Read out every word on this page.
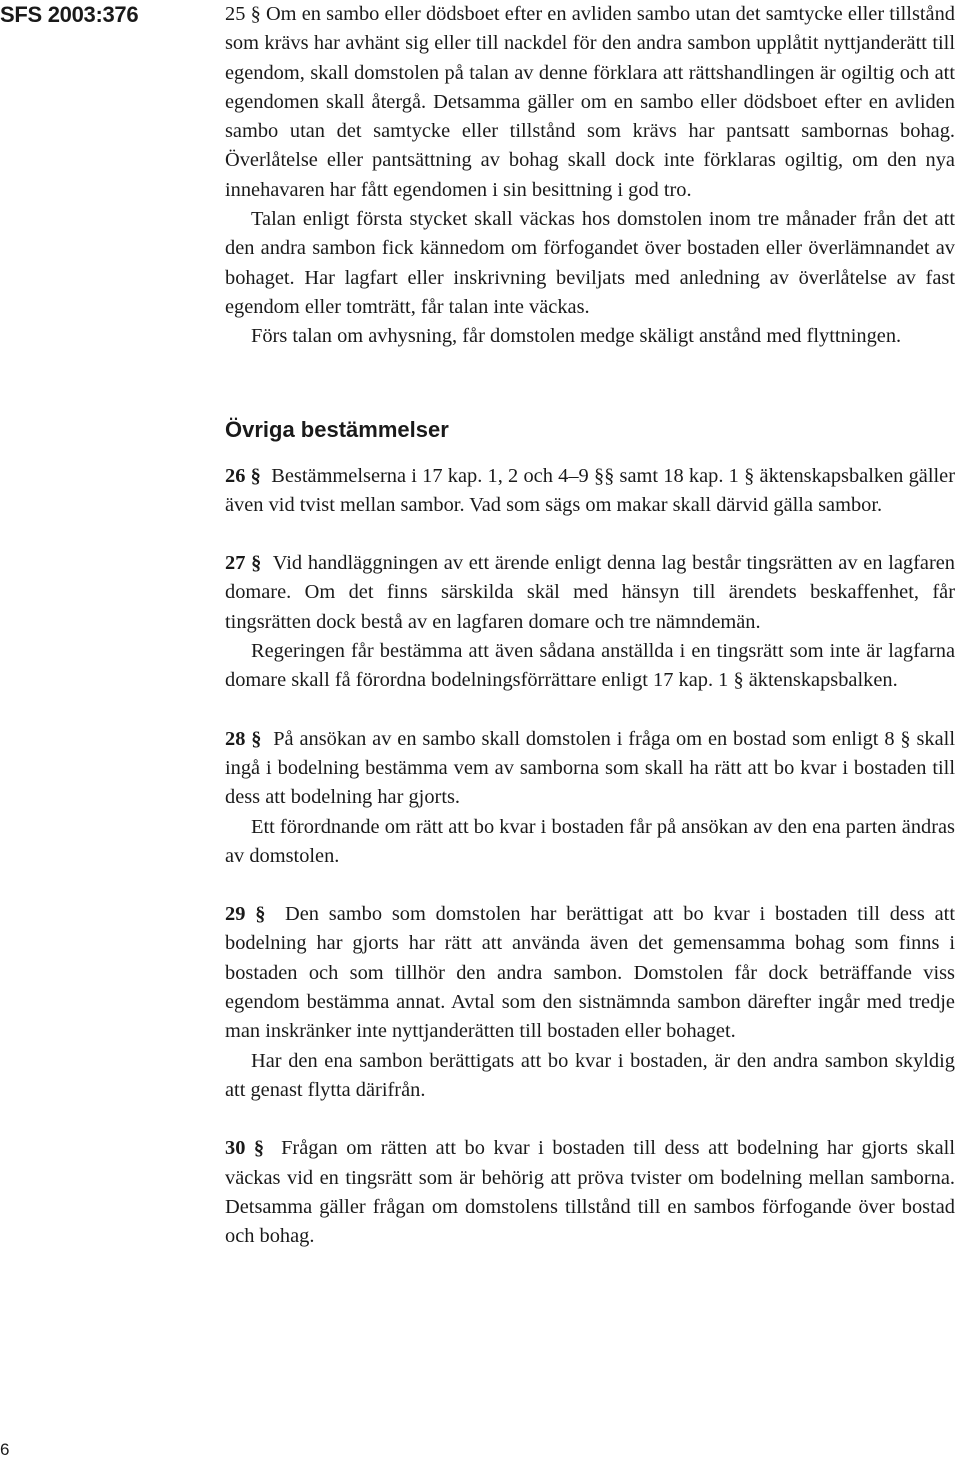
SFS 2003:376	25 § Om en sambo eller dödsboet efter en avliden sambo utan det samtycke eller tillstånd som krävs har avhänt sig eller till nackdel för den andra sambon upplåtit nyttjanderätt till egendom, skall domstolen på talan av denne förklara att rättshandlingen är ogiltig och att egendomen skall återgå. Detsamma gäller om en sambo eller dödsboet efter en avliden sambo utan det samtycke eller tillstånd som krävs har pantsatt sambornas bohag. Överlåtelse eller pantsättning av bohag skall dock inte förklaras ogiltig, om den nya innehavaren har fått egendomen i sin besittning i god tro.

Talan enligt första stycket skall väckas hos domstolen inom tre månader från det att den andra sambon fick kännedom om förfogandet över bostaden eller överlämnandet av bohaget. Har lagfart eller inskrivning beviljats med anledning av överlåtelse av fast egendom eller tomträtt, får talan inte väckas.

Förs talan om avhysning, får domstolen medge skäligt anstånd med flyttningen.

Övriga bestämmelser

26 § Bestämmelserna i 17 kap. 1, 2 och 4–9 §§ samt 18 kap. 1 § äktenskapsbalken gäller även vid tvist mellan sambor. Vad som sägs om makar skall därvid gälla sambor.

27 § Vid handläggningen av ett ärende enligt denna lag består tingsrätten av en lagfaren domare. Om det finns särskilda skäl med hänsyn till ärendets beskaffenhet, får tingsrätten dock bestå av en lagfaren domare och tre nämndemän.

Regeringen får bestämma att även sådana anställda i en tingsrätt som inte är lagfarna domare skall få förordna bodelningsförrättare enligt 17 kap. 1 § äktenskapsbalken.

28 § På ansökan av en sambo skall domstolen i fråga om en bostad som enligt 8 § skall ingå i bodelning bestämma vem av samborna som skall ha rätt att bo kvar i bostaden till dess att bodelning har gjorts.

Ett förordnande om rätt att bo kvar i bostaden får på ansökan av den ena parten ändras av domstolen.

29 § Den sambo som domstolen har berättigat att bo kvar i bostaden till dess att bodelning har gjorts har rätt att använda även det gemensamma bohag som finns i bostaden och som tillhör den andra sambon. Domstolen får dock beträffande viss egendom bestämma annat. Avtal som den sistnämnda sambon därefter ingår med tredje man inskränker inte nyttjanderätten till bostaden eller bohaget.

Har den ena sambon berättigats att bo kvar i bostaden, är den andra sambon skyldig att genast flytta därifrån.

30 § Frågan om rätten att bo kvar i bostaden till dess att bodelning har gjorts skall väckas vid en tingsrätt som är behörig att pröva tvister om bodelning mellan samborna. Detsamma gäller frågan om domstolens tillstånd till en sambos förfogande över bostad och bohag.

6
